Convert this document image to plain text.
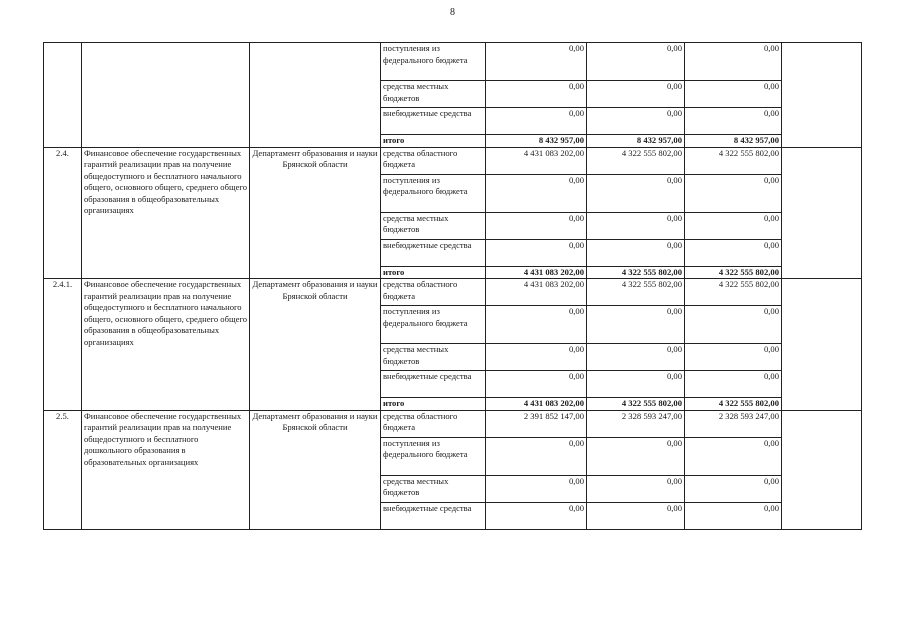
8
			поступления из федерального бюджета	0,00	0,00	0,00	
			средства местных бюджетов	0,00	0,00	0,00	
			внебюджетные средства	0,00	0,00	0,00	
			итого	8 432 957,00	8 432 957,00	8 432 957,00	
2.4.	Финансовое обеспечение государственных гарантий реализации прав на получение общедоступного и бесплатного начального общего, основного общего, среднего общего образования в общеобразовательных организациях	Департамент образования и науки Брянской области	средства областного бюджета	4 431 083 202,00	4 322 555 802,00	4 322 555 802,00	
			поступления из федерального бюджета	0,00	0,00	0,00	
			средства местных бюджетов	0,00	0,00	0,00	
			внебюджетные средства	0,00	0,00	0,00	
			итого	4 431 083 202,00	4 322 555 802,00	4 322 555 802,00	
2.4.1.	Финансовое обеспечение государственных гарантий реализации прав на получение общедоступного и бесплатного начального общего, основного общего, среднего общего образования в общеобразовательных организациях	Департамент образования и науки Брянской области	средства областного бюджета	4 431 083 202,00	4 322 555 802,00	4 322 555 802,00	
			поступления из федерального бюджета	0,00	0,00	0,00	
			средства местных бюджетов	0,00	0,00	0,00	
			внебюджетные средства	0,00	0,00	0,00	
			итого	4 431 083 202,00	4 322 555 802,00	4 322 555 802,00	
2.5.	Финансовое обеспечение государственных гарантий реализации прав на получение общедоступного и бесплатного дошкольного образования в образовательных организациях	Департамент образования и науки Брянской области	средства областного бюджета	2 391 852 147,00	2 328 593 247,00	2 328 593 247,00	
			поступления из федерального бюджета	0,00	0,00	0,00	
			средства местных бюджетов	0,00	0,00	0,00	
			внебюджетные средства	0,00	0,00	0,00	
